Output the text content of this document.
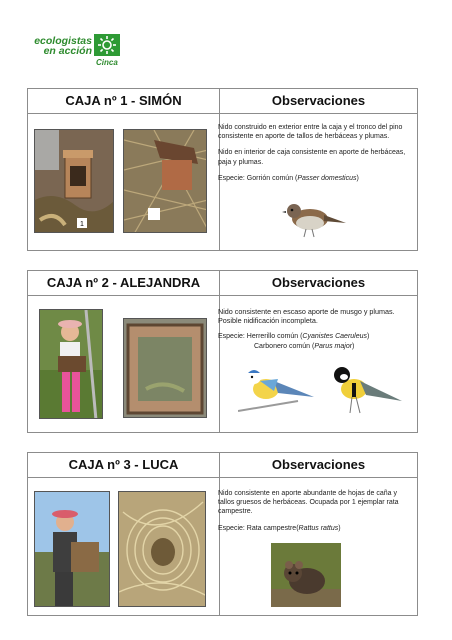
ecologistas
en acción
Cinca
CAJA nº 1 - SIMÓN	Observaciones
1

Nido construido en exterior entre la caja y el tronco del pino consistente en aporte de tallos de herbáceas y plumas.

Nido en interior de caja consistente en aporte de herbáceas, paja y plumas.

Especie: Gorrión común (Passer domesticus)

CAJA nº 2 - ALEJANDRA	Observaciones

Nido consistente en escaso aporte de musgo y plumas. Posible nidificación incompleta.

Especie: Herrerillo común (Cyanistes Caeruleus)

Carbonero común (Parus major)

CAJA nº 3 - LUCA	Observaciones

Nido consistente en aporte abundante de hojas de caña y tallos gruesos de herbáceas. Ocupada por 1 ejemplar rata campestre.

Especie: Rata campestre(Rattus rattus)
